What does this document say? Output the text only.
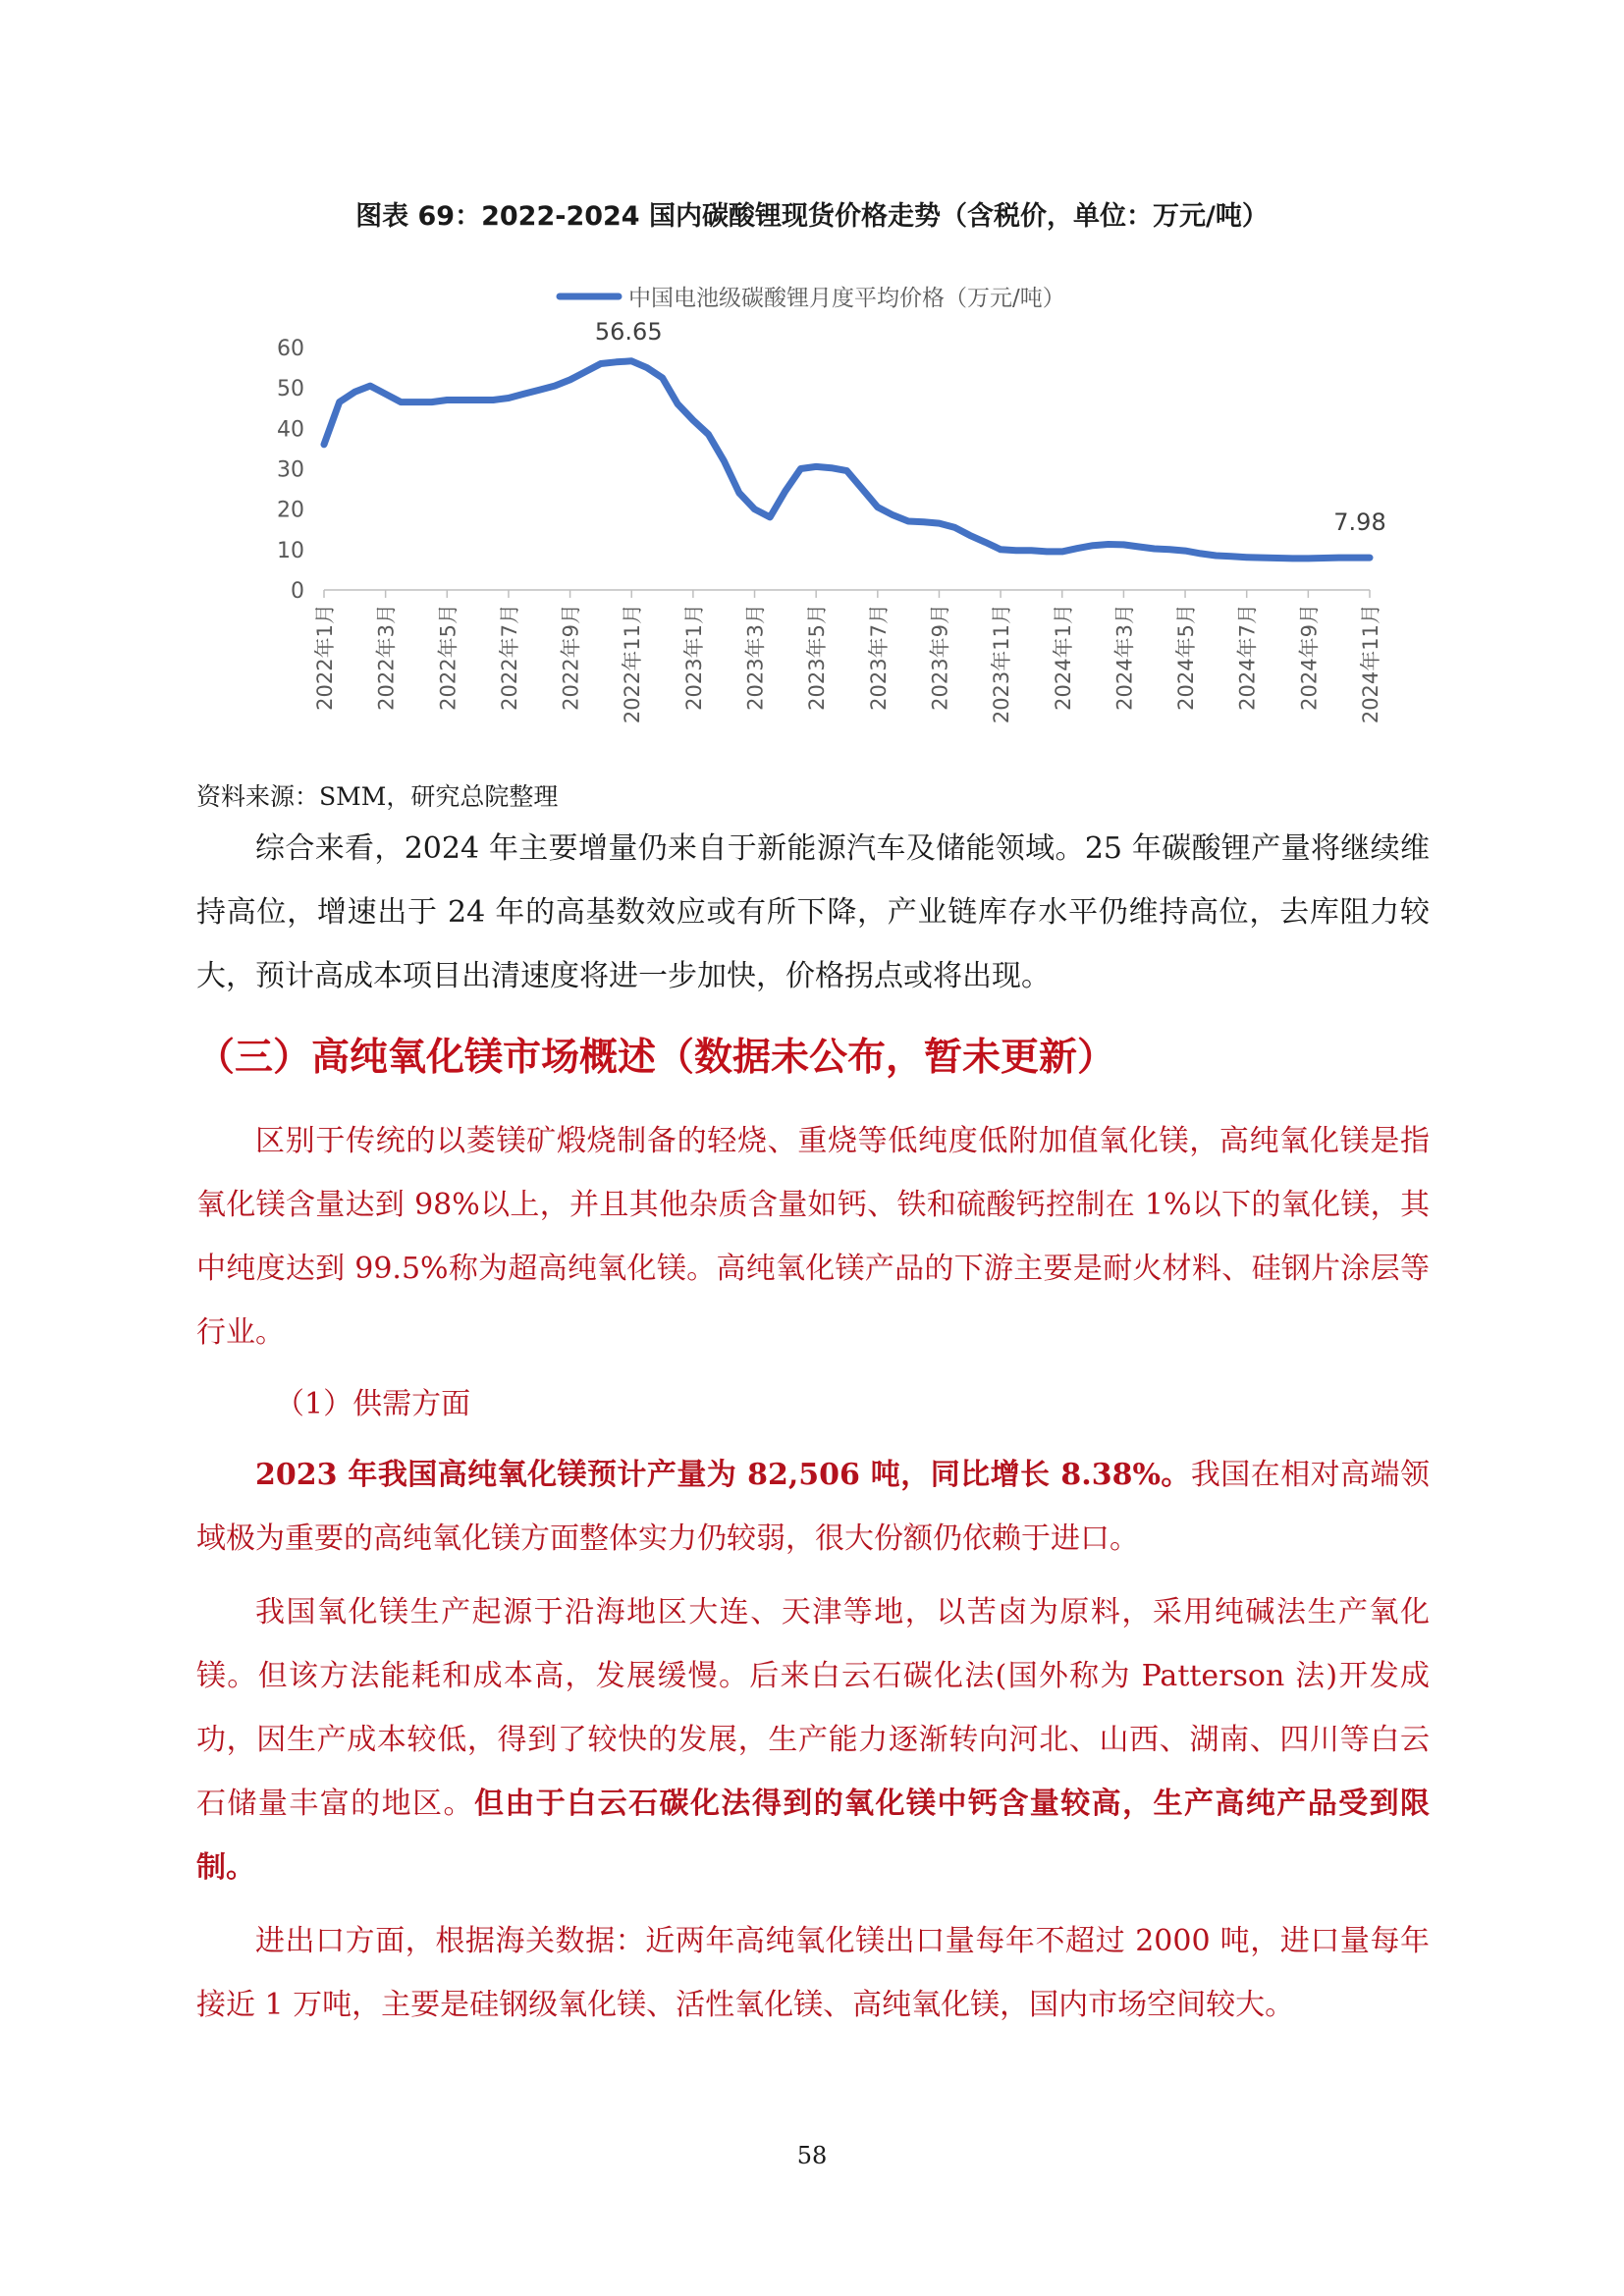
图表 69：2022-2024 国内碳酸锂现货价格走势（含税价，单位：万元/吨）
中国电池级碳酸锂月度平均价格（万元/吨）
0
10
20
30
40
50
60
2022年1月 2022年3月 2022年5月 2022年7月 2022年9月 2022年11月 2023年1月 2023年3月 2023年5月 2023年7月 2023年9月 2023年11月 2024年1月 2024年3月 2024年5月 2024年7月 2024年9月 2024年11月
56.65
7.98
资料来源：SMM，研究总院整理

综合来看，2024 年主要增量仍来自于新能源汽车及储能领域。25 年碳酸锂产量将继续维持高位，增速出于 24 年的高基数效应或有所下降，产业链库存水平仍维持高位，去库阻力较大，预计高成本项目出清速度将进一步加快，价格拐点或将出现。

（三）高纯氧化镁市场概述（数据未公布，暂未更新）

区别于传统的以菱镁矿煅烧制备的轻烧、重烧等低纯度低附加值氧化镁，高纯氧化镁是指氧化镁含量达到 98%以上，并且其他杂质含量如钙、铁和硫酸钙控制在 1%以下的氧化镁，其中纯度达到 99.5%称为超高纯氧化镁。高纯氧化镁产品的下游主要是耐火材料、硅钢片涂层等行业。

（1）供需方面

2023 年我国高纯氧化镁预计产量为 82,506 吨，同比增长 8.38%。我国在相对高端领域极为重要的高纯氧化镁方面整体实力仍较弱，很大份额仍依赖于进口。

我国氧化镁生产起源于沿海地区大连、天津等地，以苦卤为原料，采用纯碱法生产氧化镁。但该方法能耗和成本高，发展缓慢。后来白云石碳化法(国外称为 Patterson 法)开发成功，因生产成本较低，得到了较快的发展，生产能力逐渐转向河北、山西、湖南、四川等白云石储量丰富的地区。但由于白云石碳化法得到的氧化镁中钙含量较高，生产高纯产品受到限制。

进出口方面，根据海关数据：近两年高纯氧化镁出口量每年不超过 2000 吨，进口量每年接近 1 万吨，主要是硅钢级氧化镁、活性氧化镁、高纯氧化镁，国内市场空间较大。

58
